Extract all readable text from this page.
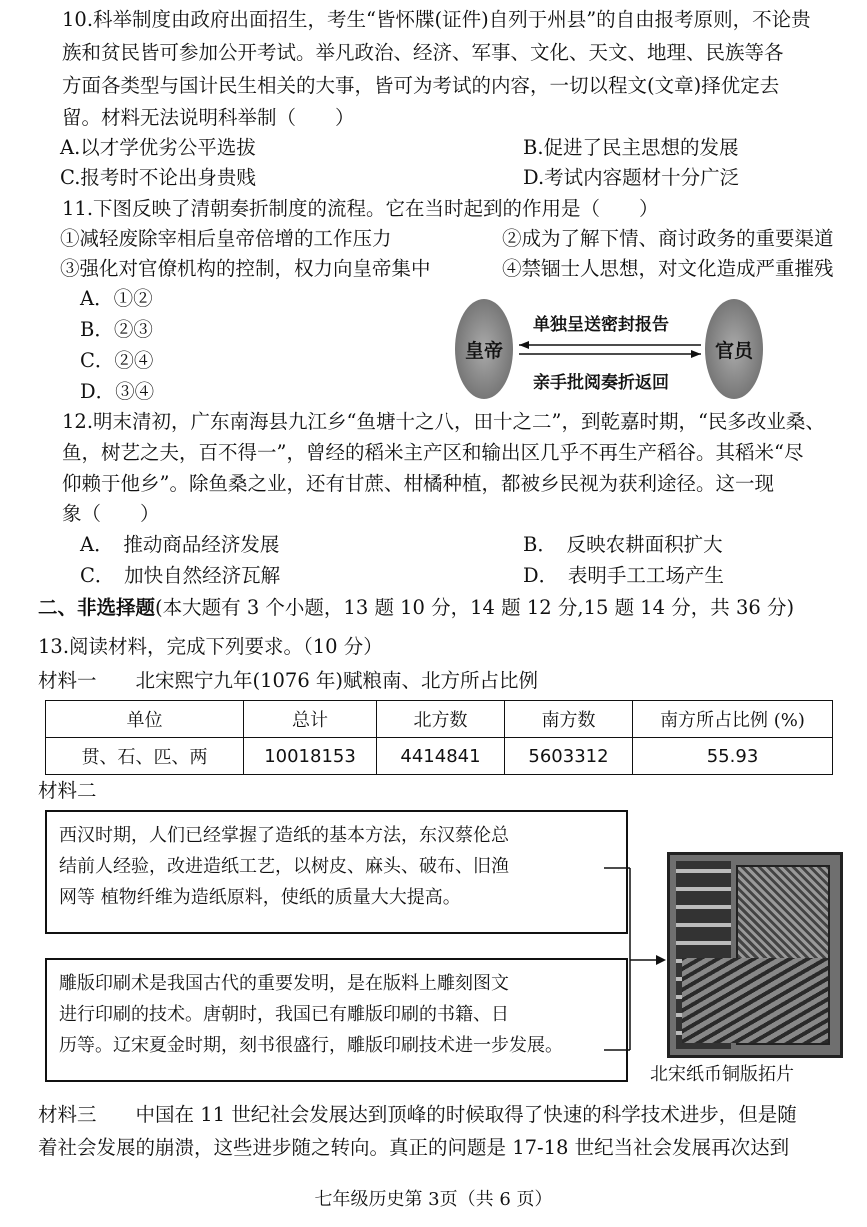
10.科举制度由政府出面招生，考生“皆怀牒(证件)自列于州县”的自由报考原则，不论贵
族和贫民皆可参加公开考试。举凡政治、经济、军事、文化、天文、地理、民族等各
方面各类型与国计民生相关的大事，皆可为考试的内容，一切以程文(文章)择优定去
留。材料无法说明科举制（　　）
A.以才学优劣公平选拔	B.促进了民主思想的发展
C.报考时不论出身贵贱	D.考试内容题材十分广泛
11.下图反映了清朝奏折制度的流程。它在当时起到的作用是（　　）
①减轻废除宰相后皇帝倍增的工作压力	②成为了解下情、商讨政务的重要渠道
③强化对官僚机构的控制，权力向皇帝集中	④禁锢士人思想，对文化造成严重摧残
A．①②
B．②③
C．②④
D．③④
皇帝	官员
单独呈送密封报告
亲手批阅奏折返回
12.明末清初，广东南海县九江乡“鱼塘十之八，田十之二”，到乾嘉时期，“民多改业桑、
鱼，树艺之夫，百不得一”，曾经的稻米主产区和输出区几乎不再生产稻谷。其稻米“尽
仰赖于他乡”。除鱼桑之业，还有甘蔗、柑橘种植，都被乡民视为获利途径。这一现
象（　　）
A．　推动商品经济发展	B．　反映农耕面积扩大
C．　加快自然经济瓦解	D．　表明手工工场产生
二、非选择题(本大题有 3 个小题，13 题 10 分，14 题 12 分,15 题 14 分，共 36 分)
13.阅读材料，完成下列要求。（10 分）
材料一　　北宋熙宁九年(1076 年)赋粮南、北方所占比例
单位	总计	北方数	南方数	南方所占比例 (%)
贯、石、匹、两	10018153	4414841	5603312	55.93
材料二
西汉时期，人们已经掌握了造纸的基本方法，东汉蔡伦总
结前人经验，改进造纸工艺，以树皮、麻头、破布、旧渔
网等 植物纤维为造纸原料，使纸的质量大大提高。
雕版印刷术是我国古代的重要发明，是在版料上雕刻图文
进行印刷的技术。唐朝时，我国已有雕版印刷的书籍、日
历等。辽宋夏金时期，刻书很盛行，雕版印刷技术进一步发展。
北宋纸币铜版拓片
材料三　　中国在 11 世纪社会发展达到顶峰的时候取得了快速的科学技术进步，但是随
着社会发展的崩溃，这些进步随之转向。真正的问题是 17-18 世纪当社会发展再次达到
七年级历史第 3页（共 6 页）
